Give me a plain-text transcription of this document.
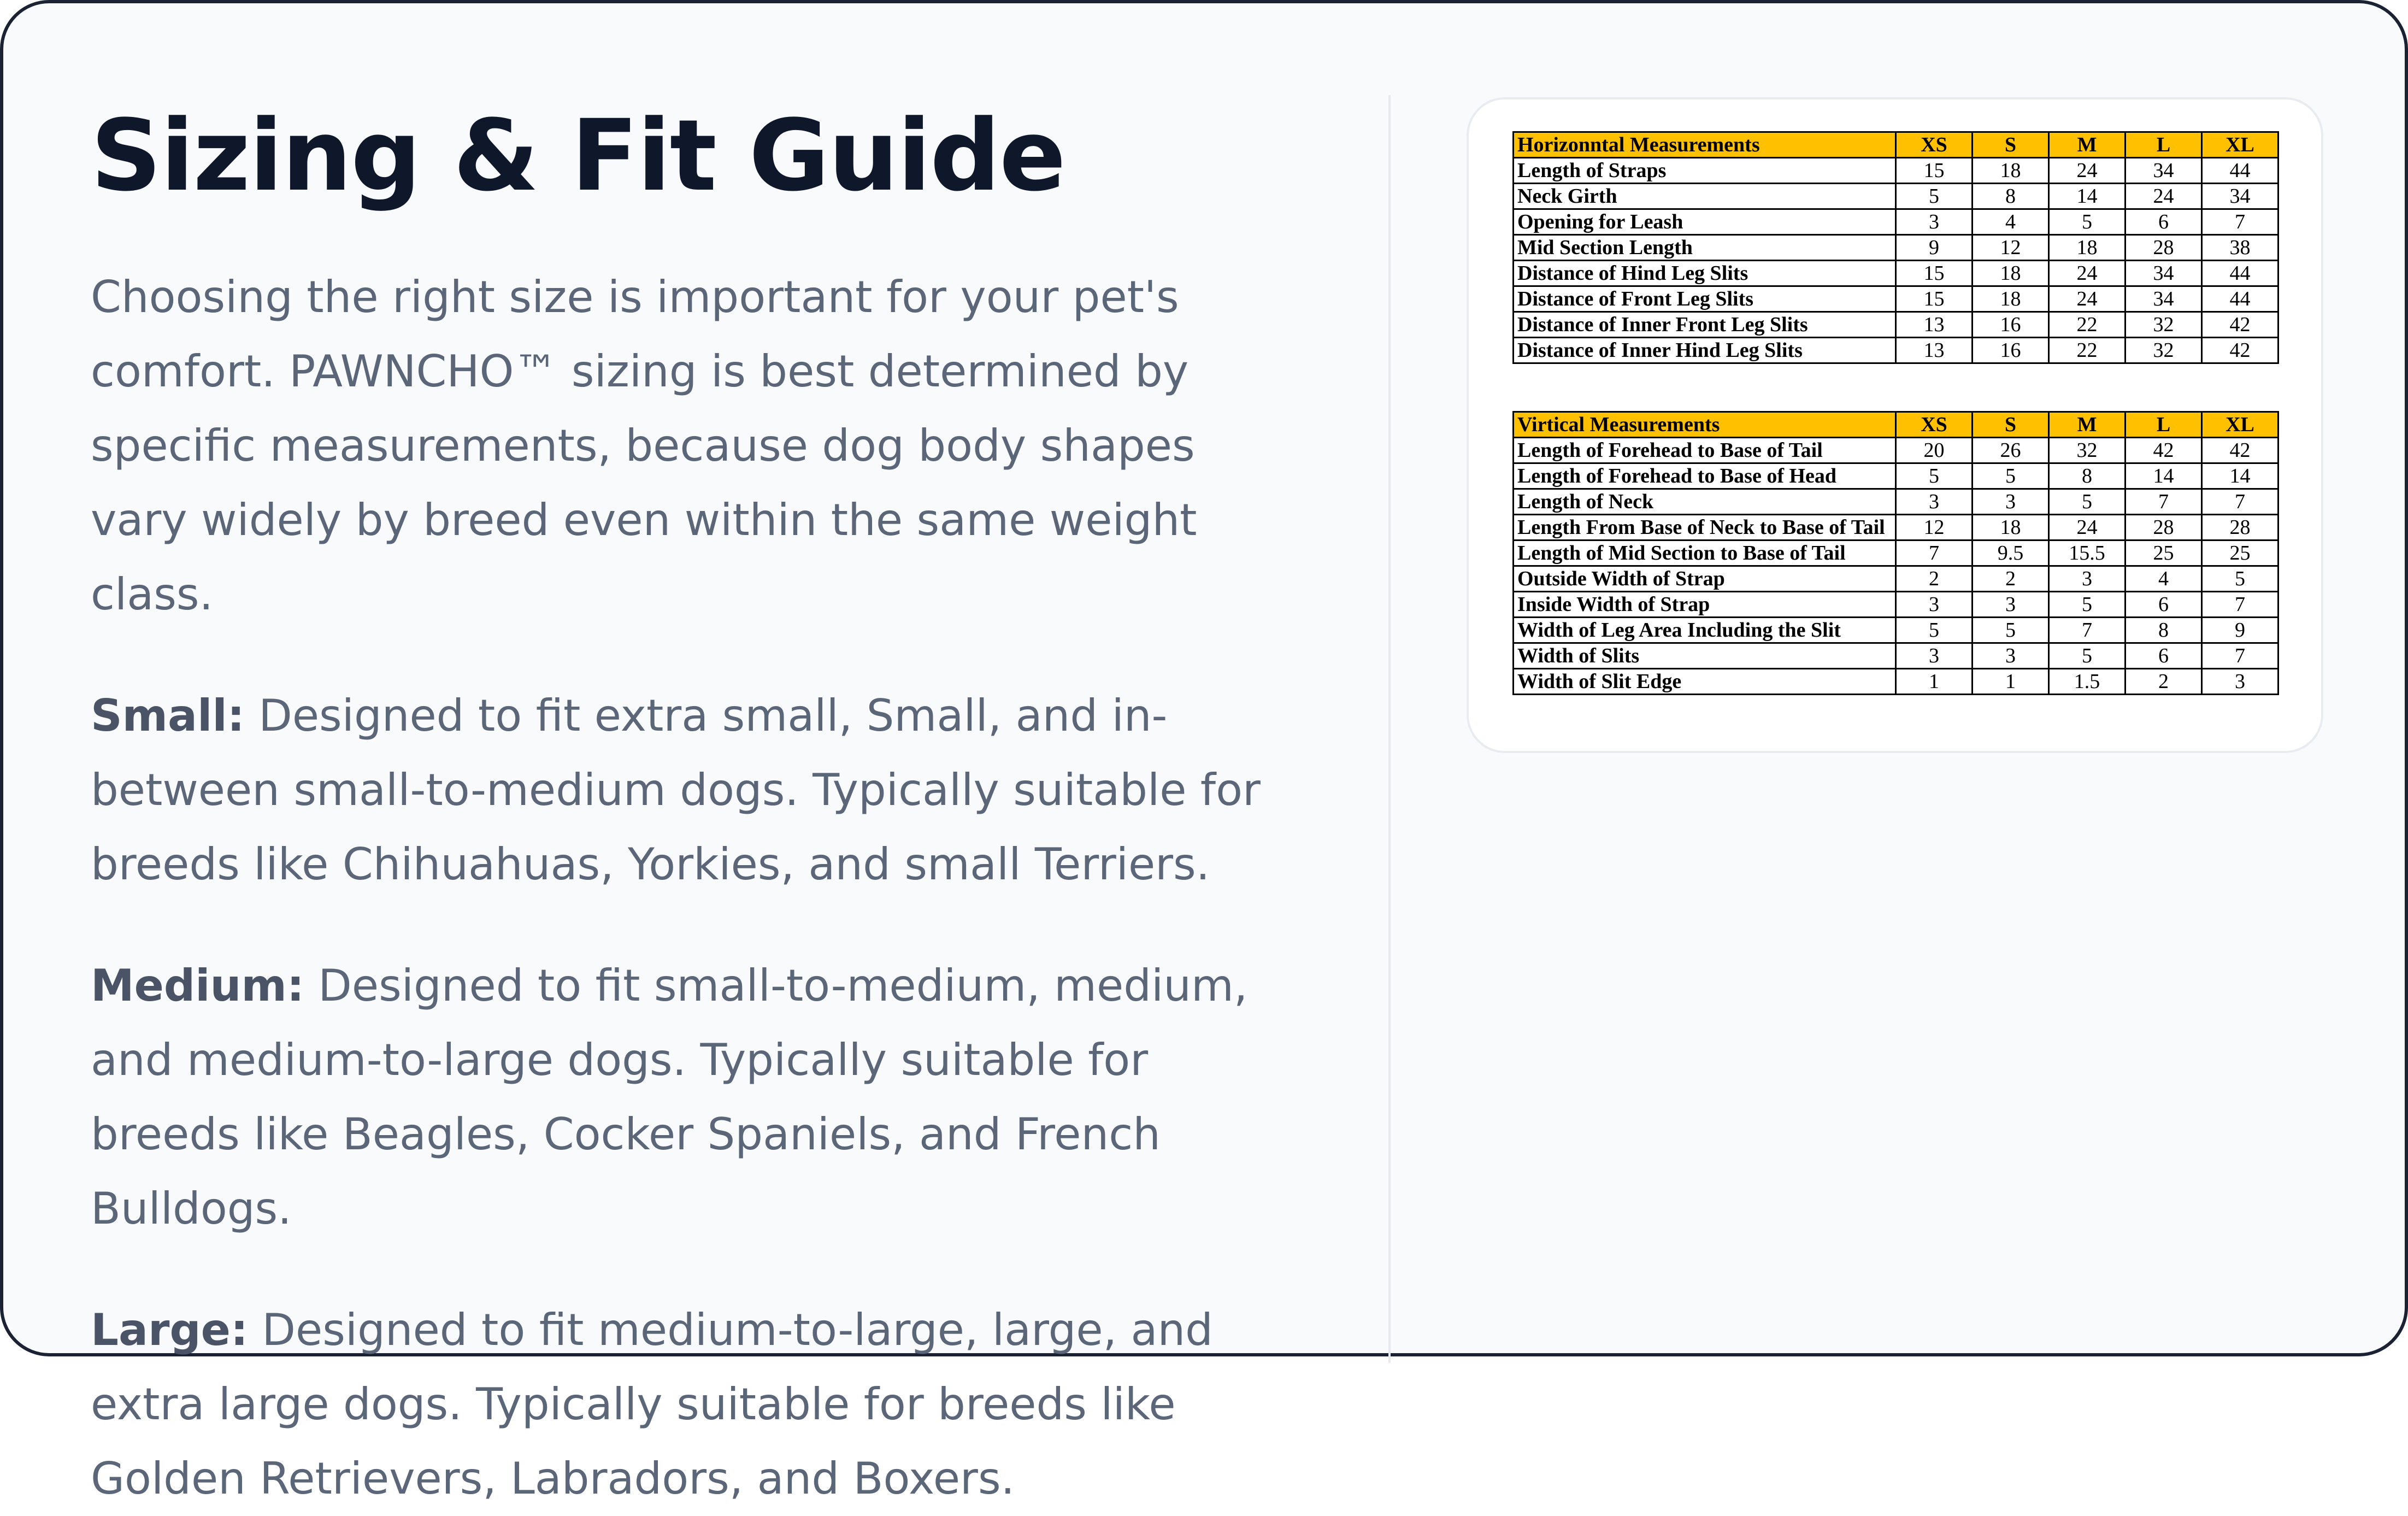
Sizing & Fit Guide

Choosing the right size is important for your pet's comfort. PAWNCHO™ sizing is best determined by specific measurements, because dog body shapes vary widely by breed even within the same weight class.

Small: Designed to fit extra small, Small, and in-between small-to-medium dogs. Typically suitable for breeds like Chihuahuas, Yorkies, and small Terriers.

Medium: Designed to fit small-to-medium, medium, and medium-to-large dogs. Typically suitable for breeds like Beagles, Cocker Spaniels, and French Bulldogs.

Large: Designed to fit medium-to-large, large, and extra large dogs. Typically suitable for breeds like Golden Retrievers, Labradors, and Boxers.

Horizonntal Measurements	XS	S	M	L	XL
Length of Straps	15	18	24	34	44
Neck Girth	5	8	14	24	34
Opening for Leash	3	4	5	6	7
Mid Section Length	9	12	18	28	38
Distance of Hind Leg Slits	15	18	24	34	44
Distance of Front Leg Slits	15	18	24	34	44
Distance of Inner Front Leg Slits	13	16	22	32	42
Distance of Inner Hind Leg Slits	13	16	22	32	42
Virtical Measurements	XS	S	M	L	XL
Length of Forehead to Base of Tail	20	26	32	42	42
Length of Forehead to Base of Head	5	5	8	14	14
Length of Neck	3	3	5	7	7
Length From Base of Neck to Base of Tail	12	18	24	28	28
Length of Mid Section to Base of Tail	7	9.5	15.5	25	25
Outside Width of Strap	2	2	3	4	5
Inside Width of Strap	3	3	5	6	7
Width of Leg Area Including the Slit	5	5	7	8	9
Width of Slits	3	3	5	6	7
Width of Slit Edge	1	1	1.5	2	3
